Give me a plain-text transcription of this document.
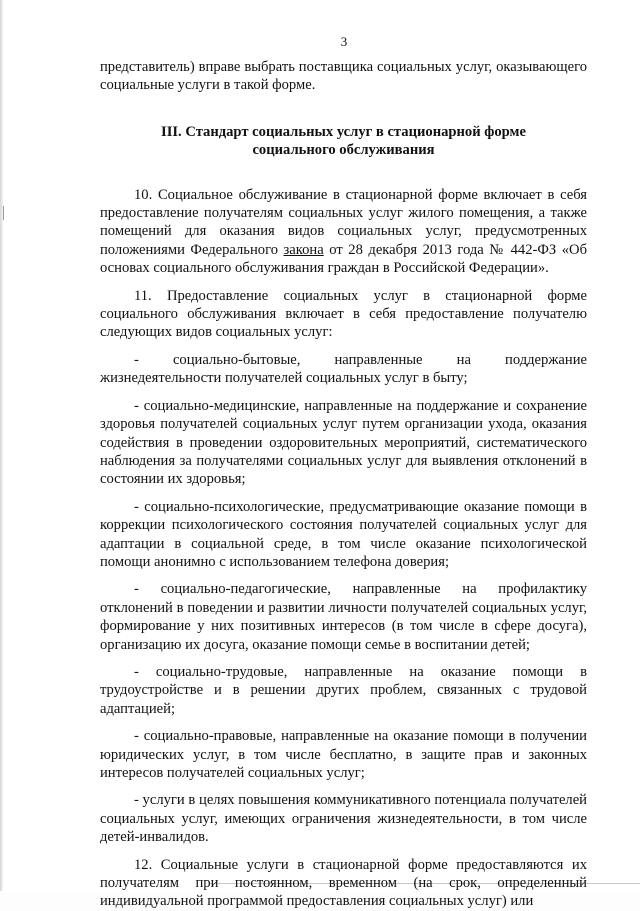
3

представитель) вправе выбрать поставщика социальных услуг, оказывающего социальные услуги в такой форме.

III. Стандарт социальных услуг в стационарной форме
социального обслуживания

10. Социальное обслуживание в стационарной форме включает в себя предоставление получателям социальных услуг жилого помещения, а также помещений для оказания видов социальных услуг, предусмотренных положениями Федерального закона от 28 декабря 2013 года № 442-ФЗ «Об основах социального обслуживания граждан в Российской Федерации».

11. Предоставление социальных услуг в стационарной форме социального обслуживания включает в себя предоставление получателю следующих видов социальных услуг:

- социально-бытовые, направленные на поддержание жизнедеятельности получателей социальных услуг в быту;

- социально-медицинские, направленные на поддержание и сохранение здоровья получателей социальных услуг путем организации ухода, оказания содействия в проведении оздоровительных мероприятий, систематического наблюдения за получателями социальных услуг для выявления отклонений в состоянии их здоровья;

- социально-психологические, предусматривающие оказание помощи в коррекции психологического состояния получателей социальных услуг для адаптации в социальной среде, в том числе оказание психологической помощи анонимно с использованием телефона доверия;

- социально-педагогические, направленные на профилактику отклонений в поведении и развитии личности получателей социальных услуг, формирование у них позитивных интересов (в том числе в сфере досуга), организацию их досуга, оказание помощи семье в воспитании детей;

- социально-трудовые, направленные на оказание помощи в трудоустройстве и в решении других проблем, связанных с трудовой адаптацией;

- социально-правовые, направленные на оказание помощи в получении юридических услуг, в том числе бесплатно, в защите прав и законных интересов получателей социальных услуг;

- услуги в целях повышения коммуникативного потенциала получателей социальных услуг, имеющих ограничения жизнедеятельности, в том числе детей-инвалидов.

12. Социальные услуги в стационарной форме предоставляются их получателям при постоянном, временном (на срок, определенный индивидуальной программой предоставления социальных услуг) или
